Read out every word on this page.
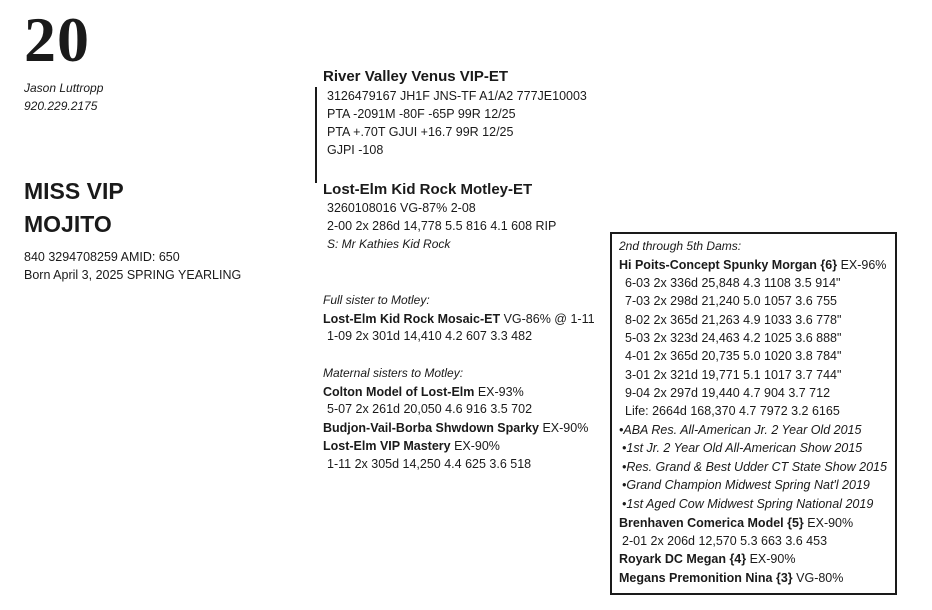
20
Jason Luttropp
920.229.2175
MISS VIP
MOJITO
840 3294708259 AMID: 650
Born April 3, 2025 SPRING YEARLING
River Valley Venus VIP-ET
3126479167 JH1F JNS-TF A1/A2 777JE10003
PTA -2091M -80F -65P 99R 12/25
PTA +.70T GJUI +16.7 99R 12/25
GJPI -108
Lost-Elm Kid Rock Motley-ET
3260108016 VG-87% 2-08
2-00 2x 286d 14,778 5.5 816 4.1 608 RIP
S: Mr Kathies Kid Rock
Full sister to Motley:
Lost-Elm Kid Rock Mosaic-ET VG-86% @ 1-11
1-09 2x 301d 14,410 4.2 607 3.3 482
Maternal sisters to Motley:
Colton Model of Lost-Elm EX-93%
5-07 2x 261d 20,050 4.6 916 3.5 702
Budjon-Vail-Borba Shwdown Sparky EX-90%
Lost-Elm VIP Mastery EX-90%
1-11 2x 305d 14,250 4.4 625 3.6 518
2nd through 5th Dams:
Hi Poits-Concept Spunky Morgan {6} EX-96%
6-03 2x 336d 25,848 4.3 1108 3.5 914"
7-03 2x 298d 21,240 5.0 1057 3.6 755
8-02 2x 365d 21,263 4.9 1033 3.6 778"
5-03 2x 323d 24,463 4.2 1025 3.6 888"
4-01 2x 365d 20,735 5.0 1020 3.8 784"
3-01 2x 321d 19,771 5.1 1017 3.7 744"
9-04 2x 297d 19,440 4.7 904 3.7 712
Life: 2664d 168,370 4.7 7972 3.2 6165
•ABA Res. All-American Jr. 2 Year Old 2015
•1st Jr. 2 Year Old All-American Show 2015
•Res. Grand & Best Udder CT State Show 2015
•Grand Champion Midwest Spring Nat'l 2019
•1st Aged Cow Midwest Spring National 2019
Brenhaven Comerica Model {5} EX-90%
2-01 2x 206d 12,570 5.3 663 3.6 453
Royark DC Megan {4} EX-90%
Megans Premonition Nina {3} VG-80%
